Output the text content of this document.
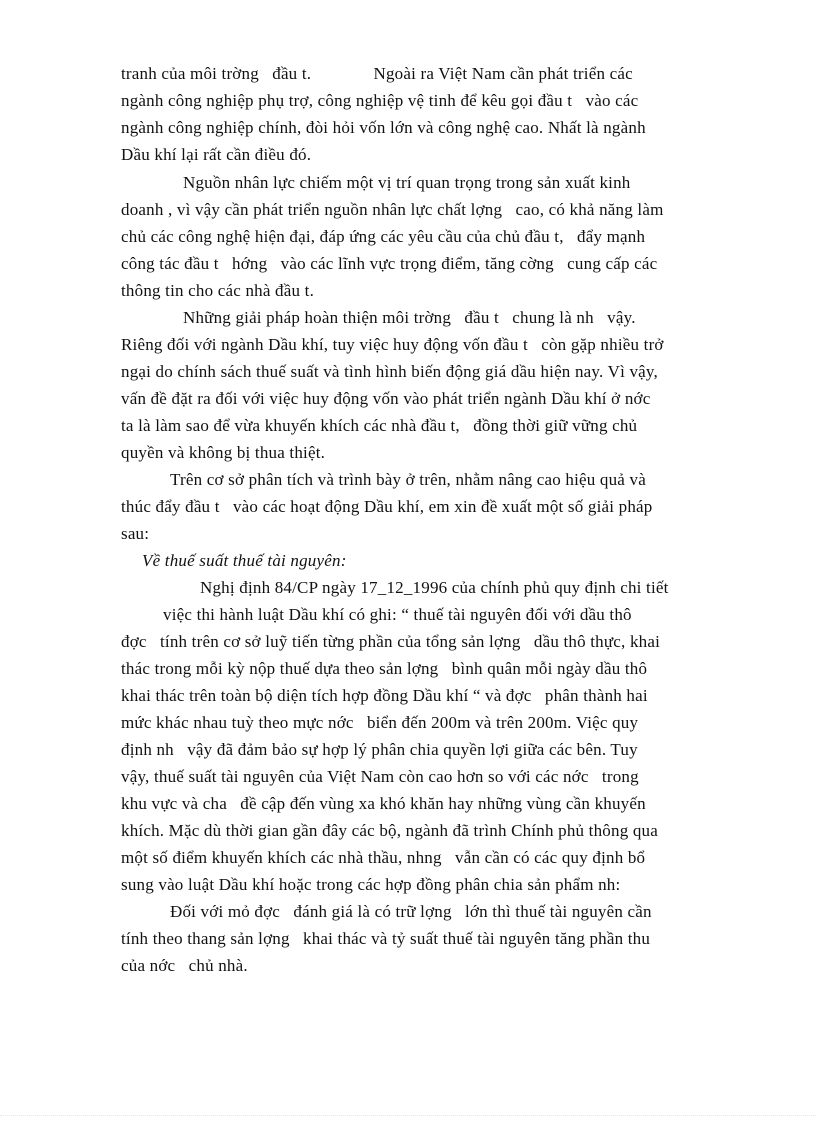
tranh của môi trờng   đầu t.              Ngoài ra Việt Nam cần phát triển các
ngành công nghiệp phụ trợ, công nghiệp vệ tinh để kêu gọi đầu t   vào các
ngành công nghiệp chính, đòi hỏi vốn lớn và công nghệ cao. Nhất là ngành
Dầu khí lại rất cần điều đó.
Nguồn nhân lực chiếm một vị trí quan trọng trong sản xuất kinh
doanh , vì vậy cần phát triển nguồn nhân lực chất lợng   cao, có khả năng làm
chủ các công nghệ hiện đại, đáp ứng các yêu cầu của chủ đầu t,   đẩy mạnh
công tác đầu t   hớng   vào các lĩnh vực trọng điểm, tăng cờng   cung cấp các
thông tin cho các nhà đầu t.
Những giải pháp hoàn thiện môi trờng   đầu t   chung là nh   vậy.
Riêng đối với ngành Dầu khí, tuy việc huy động vốn đầu t   còn gặp nhiều trở
ngại do chính sách thuế suất và tình hình biến động giá dầu hiện nay. Vì vậy,
vấn đề đặt ra đối với việc huy động vốn vào phát triển ngành Dầu khí ở nớc
ta là làm sao để vừa khuyến khích các nhà đầu t,   đồng thời giữ vững chủ
quyền và không bị thua thiệt.
Trên cơ sở phân tích và trình bày ở trên, nhằm nâng cao hiệu quả và
thúc đẩy đầu t   vào các hoạt động Dầu khí, em xin đề xuất một số giải pháp
sau:
Về thuế suất thuế tài nguyên:
Nghị định 84/CP ngày 17_12_1996 của chính phủ quy định chi tiết
việc thi hành luật Dầu khí có ghi: “ thuế tài nguyên đối với dầu thô
đợc   tính trên cơ sở luỹ tiến từng phần của tổng sản lợng   dầu thô thực, khai
thác trong mỗi kỳ nộp thuế dựa theo sản lợng   bình quân mỗi ngày dầu thô
khai thác trên toàn bộ diện tích hợp đồng Dầu khí “ và đợc   phân thành hai
mức khác nhau tuỳ theo mực nớc   biển đến 200m và trên 200m. Việc quy
định nh   vậy đã đảm bảo sự hợp lý phân chia quyền lợi giữa các bên. Tuy
vậy, thuế suất tài nguyên của Việt Nam còn cao hơn so với các nớc   trong
khu vực và cha   đề cập đến vùng xa khó khăn hay những vùng cần khuyến
khích. Mặc dù thời gian gần đây các bộ, ngành đã trình Chính phủ thông qua
một số điểm khuyến khích các nhà thầu, nhng   vẫn cần có các quy định bổ
sung vào luật Dầu khí hoặc trong các hợp đồng phân chia sản phẩm nh:
Đối với mỏ đợc   đánh giá là có trữ lợng   lớn thì thuế tài nguyên cần
tính theo thang sản lợng   khai thác và tỷ suất thuế tài nguyên tăng phần thu
của nớc   chủ nhà.
